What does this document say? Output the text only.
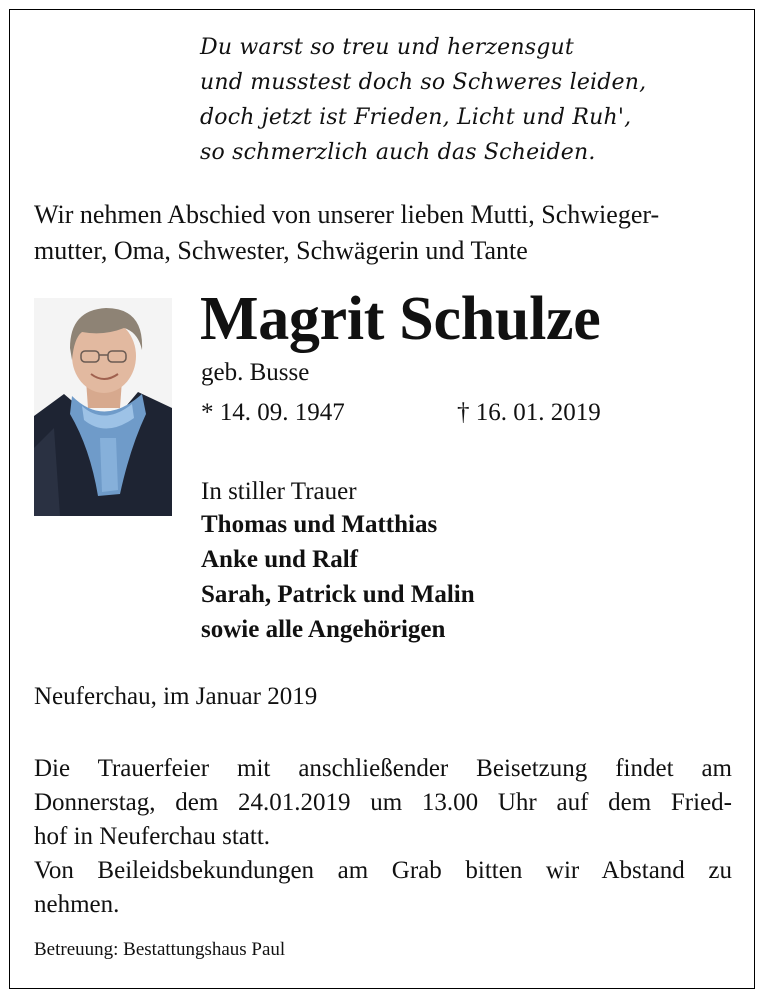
Du warst so treu und herzensgut
und musstest doch so Schweres leiden,
doch jetzt ist Frieden, Licht und Ruh',
so schmerzlich auch das Scheiden.
Wir nehmen Abschied von unserer lieben Mutti, Schwieger-
mutter, Oma, Schwester, Schwägerin und Tante
Magrit Schulze
geb. Busse
* 14. 09. 1947	† 16. 01. 2019
In stiller Trauer
Thomas und Matthias
Anke und Ralf
Sarah, Patrick und Malin
sowie alle Angehörigen
Neuferchau, im Januar 2019
Die Trauerfeier mit anschließender Beisetzung findet am
Donnerstag, dem 24.01.2019 um 13.00 Uhr auf dem Fried-
hof in Neuferchau statt.
Von Beileidsbekundungen am Grab bitten wir Abstand zu
nehmen.
Betreuung: Bestattungshaus Paul
